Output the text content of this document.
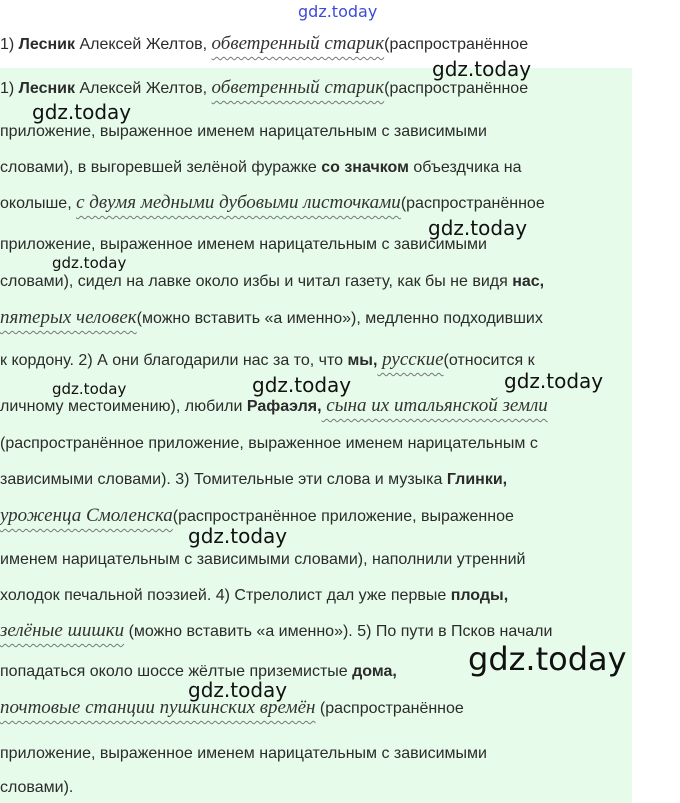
gdz.today
1) Лесник Алексей Желтов, обветренный старик(распространённое
1) Лесник Алексей Желтов, обветренный старик(распространённое
приложение, выраженное именем нарицательным с зависимыми
словами), в выгоревшей зелёной фуражке со значком объездчика на
околыше, с двумя медными дубовыми листочками(распространённое
приложение, выраженное именем нарицательным с зависимыми
словами), сидел на лавке около избы и читал газету, как бы не видя нас,
пятерых человек(можно вставить «а именно»), медленно подходивших
к кордону. 2) А они благодарили нас за то, что мы, русские(относится к
личному местоимению), любили Рафаэля, сына их итальянской земли
(распространённое приложение, выраженное именем нарицательным с
зависимыми словами). 3) Томительные эти слова и музыка Глинки,
уроженца Смоленска(распространённое приложение, выраженное
именем нарицательным с зависимыми словами), наполнили утренний
холодок печальной поэзией. 4) Стрелолист дал уже первые плоды,
зелёные шишки (можно вставить «а именно»). 5) По пути в Псков начали
попадаться около шоссе жёлтые приземистые дома,
почтовые станции пушкинских времён (распространённое
приложение, выраженное именем нарицательным с зависимыми
словами).
gdz.today
gdz.today
gdz.today
gdz.today
gdz.today	gdz.today	gdz.today
gdz.today
gdz.today
gdz.today
